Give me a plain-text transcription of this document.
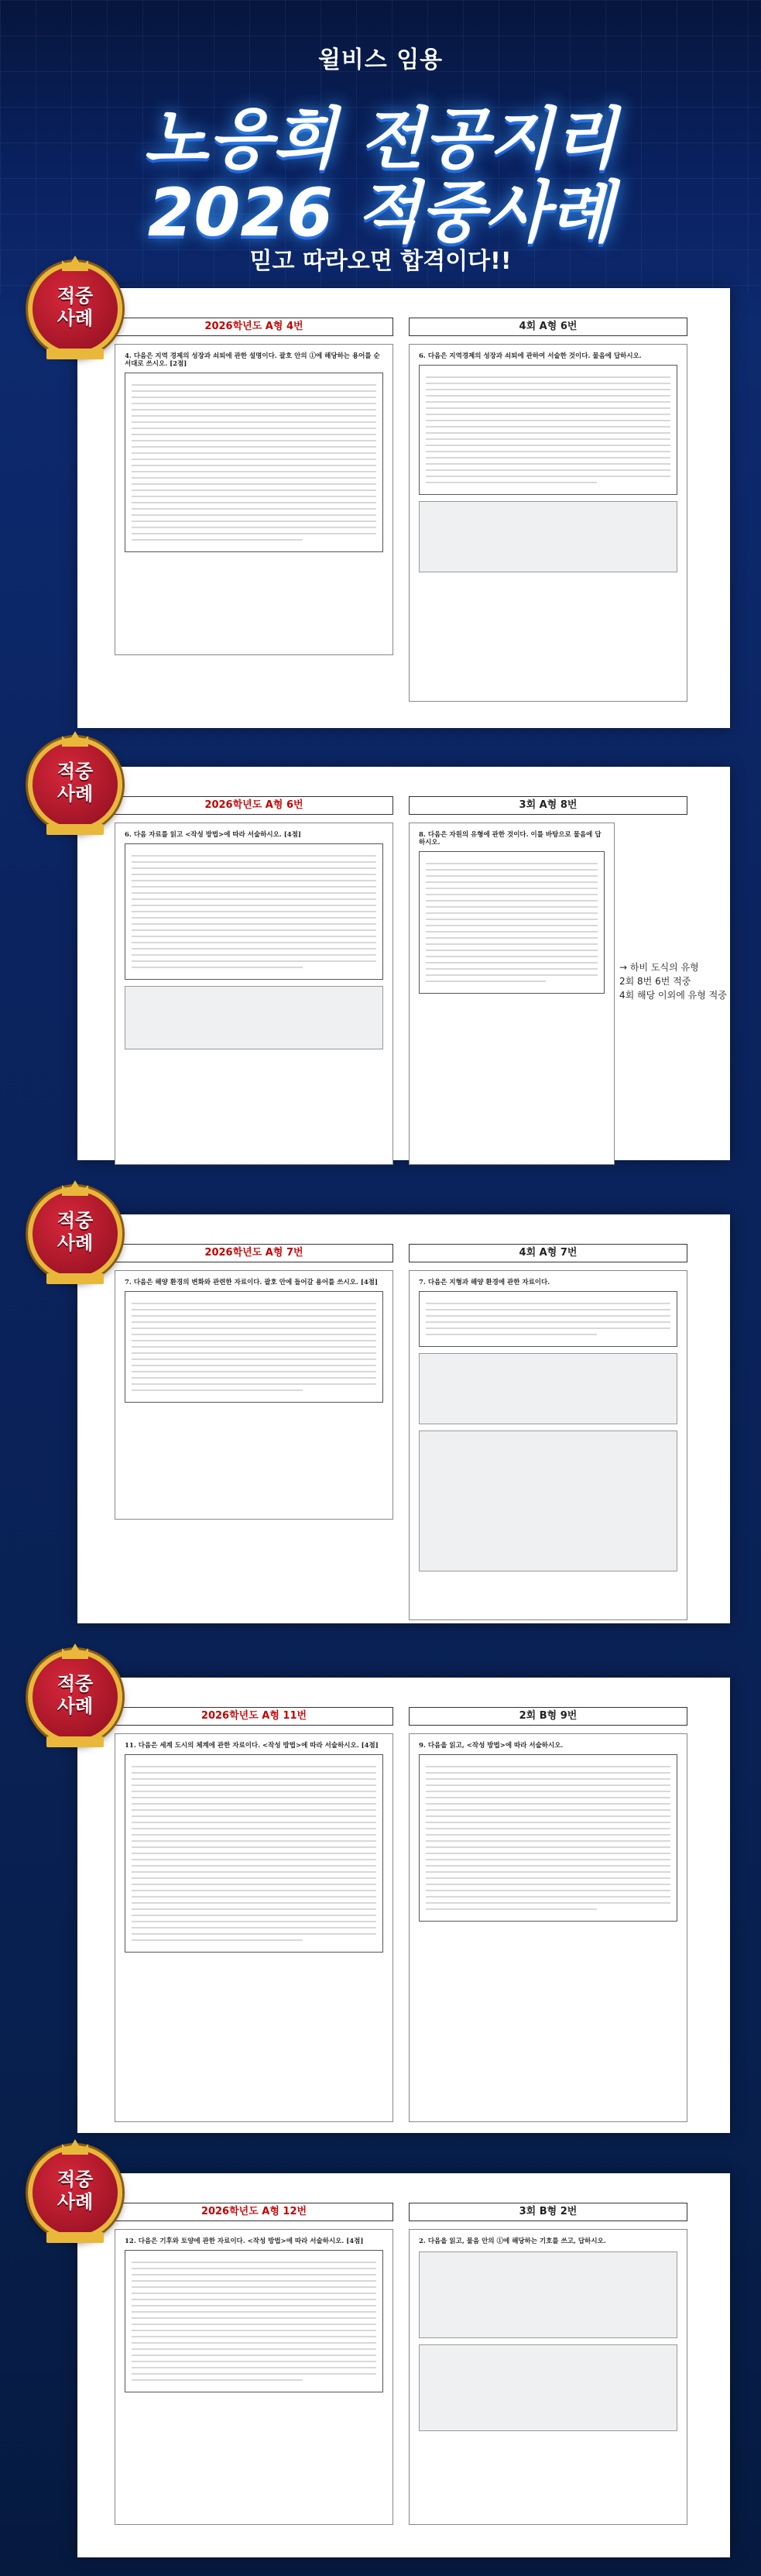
윌비스 임용
노응희 전공지리
2026 적중사례
믿고 따라오면 합격이다!!
2026학년도 A형 4번
4. 다음은 지역 경제의 성장과 쇠퇴에 관한 설명이다. 괄호 안의 ①에 해당하는 용어를 순서대로 쓰시오. [2점]
4회 A형 6번
6. 다음은 지역경제의 성장과 쇠퇴에 관하여 서술한 것이다. 물음에 답하시오.
적중
사례
2026학년도 A형 6번
6. 다음 자료를 읽고 <작성 방법>에 따라 서술하시오. [4점]
3회 A형 8번
8. 다음은 자원의 유형에 관한 것이다. 이를 바탕으로 물음에 답하시오.
→ 하비 도식의 유형
2회 8번 6번 적중
4회 해당 이외에 유형 적중
적중
사례
2026학년도 A형 7번
7. 다음은 해양 환경의 변화와 관련한 자료이다. 괄호 안에 들어갈 용어를 쓰시오. [4점]
4회 A형 7번
7. 다음은 지형과 해양 환경에 관한 자료이다.
적중
사례
2026학년도 A형 11번
11. 다음은 세계 도시의 체계에 관한 자료이다. <작성 방법>에 따라 서술하시오. [4점]
2회 B형 9번
9. 다음을 읽고, <작성 방법>에 따라 서술하시오.
적중
사례
2026학년도 A형 12번
12. 다음은 기후와 토양에 관한 자료이다. <작성 방법>에 따라 서술하시오. [4점]
3회 B형 2번
2. 다음을 읽고, 물음 안의 ①에 해당하는 기호를 쓰고, 답하시오.
적중
사례
